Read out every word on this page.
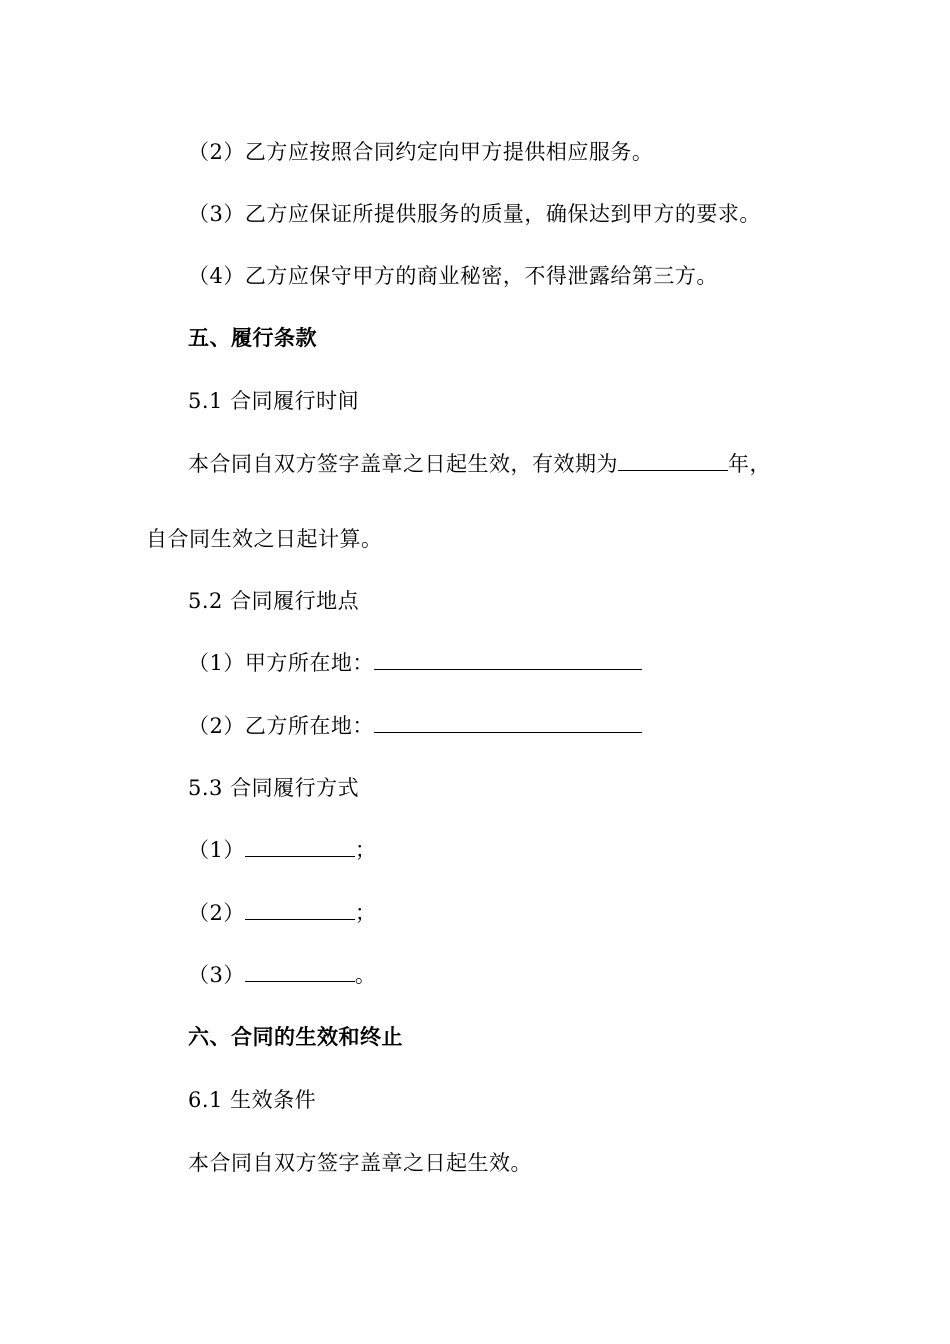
（2）乙方应按照合同约定向甲方提供相应服务。
（3）乙方应保证所提供服务的质量，确保达到甲方的要求。
（4）乙方应保守甲方的商业秘密，不得泄露给第三方。
五、履行条款
5.1 合同履行时间
本合同自双方签字盖章之日起生效，有效期为	年，
自合同生效之日起计算。
5.2 合同履行地点
（1）甲方所在地：
（2）乙方所在地：
5.3 合同履行方式
（1）	；
（2）	；
（3）	。
六、合同的生效和终止
6.1 生效条件
本合同自双方签字盖章之日起生效。
